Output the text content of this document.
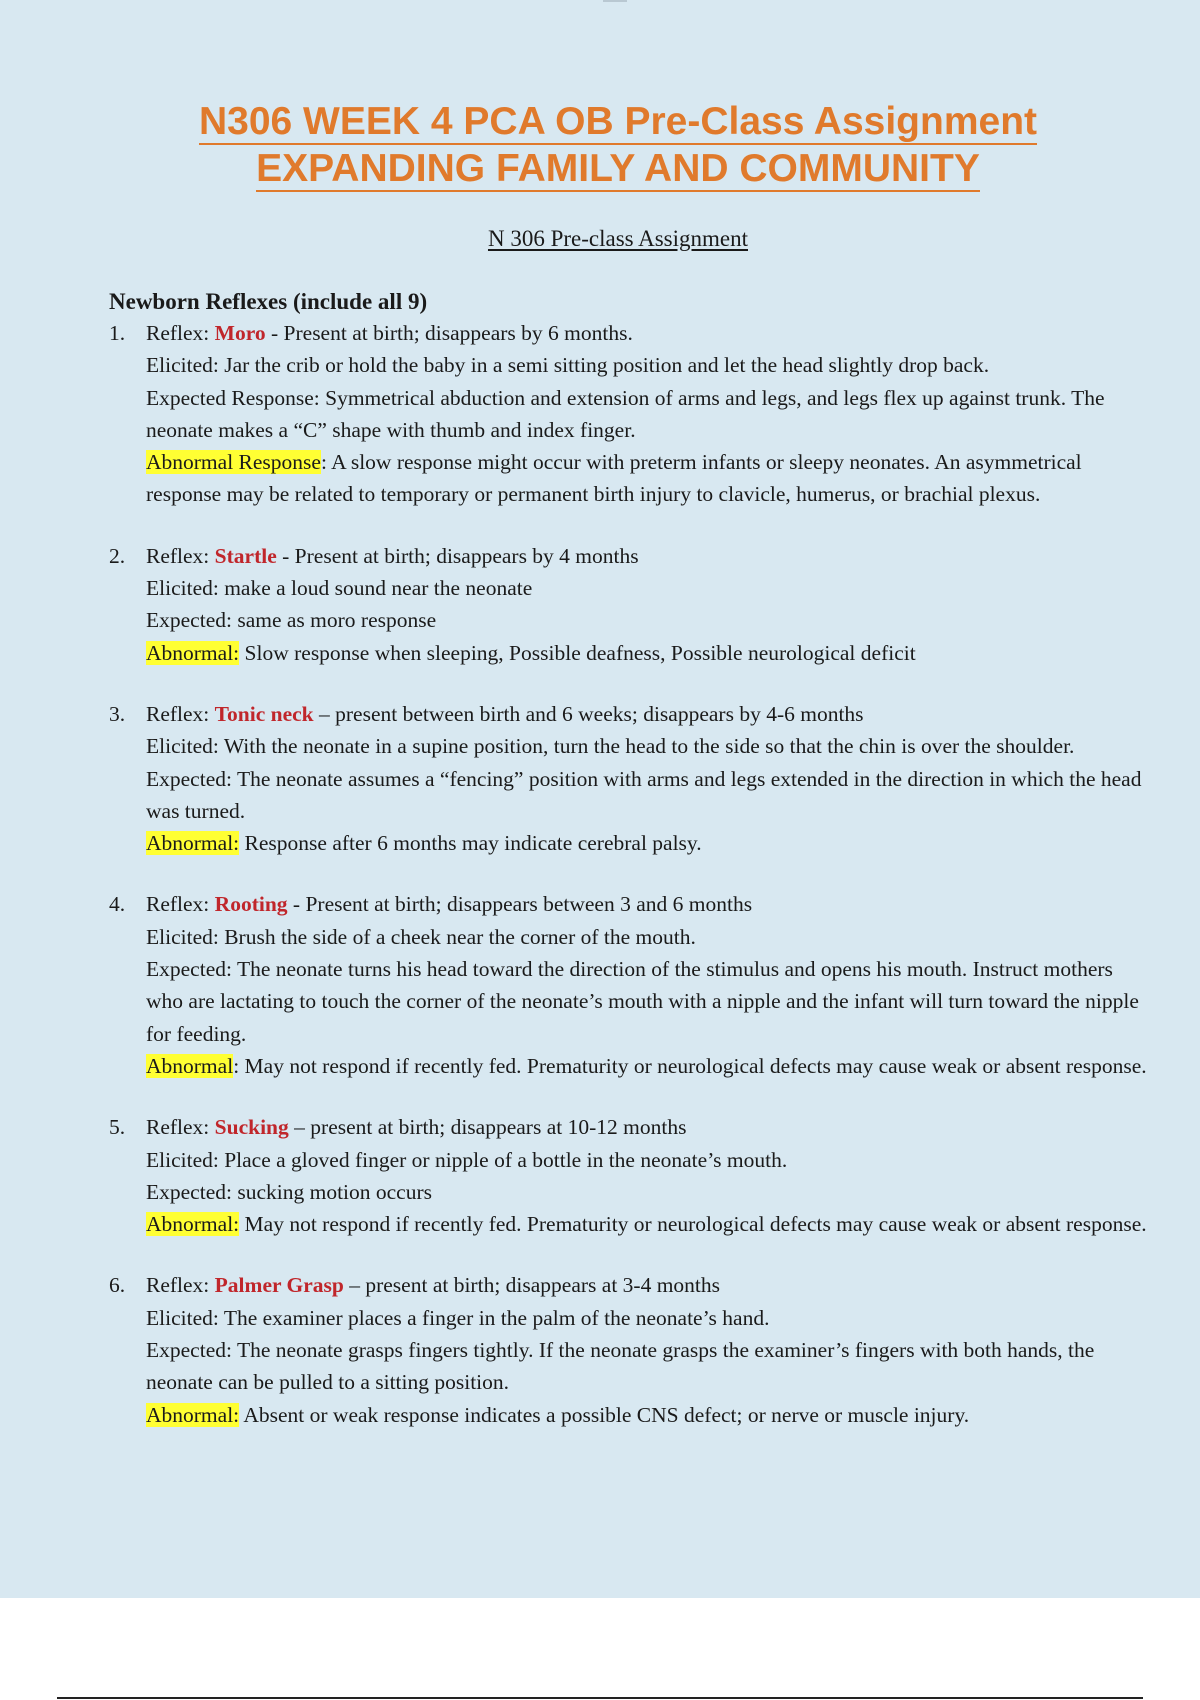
N306 WEEK 4 PCA OB Pre-Class Assignment
EXPANDING FAMILY AND COMMUNITY
N 306 Pre-class Assignment
Newborn Reflexes (include all 9)
1. Reflex: Moro - Present at birth; disappears by 6 months.

Elicited: Jar the crib or hold the baby in a semi sitting position and let the head slightly drop back.

Expected Response: Symmetrical abduction and extension of arms and legs, and legs flex up against trunk. The neonate makes a “C” shape with thumb and index finger.

Abnormal Response: A slow response might occur with preterm infants or sleepy neonates. An asymmetrical response may be related to temporary or permanent birth injury to clavicle, humerus, or brachial plexus.

2. Reflex: Startle - Present at birth; disappears by 4 months

Elicited: make a loud sound near the neonate

Expected: same as moro response

Abnormal: Slow response when sleeping, Possible deafness, Possible neurological deficit

3. Reflex: Tonic neck – present between birth and 6 weeks; disappears by 4-6 months

Elicited: With the neonate in a supine position, turn the head to the side so that the chin is over the shoulder.

Expected: The neonate assumes a “fencing” position with arms and legs extended in the direction in which the head was turned.

Abnormal: Response after 6 months may indicate cerebral palsy.

4. Reflex: Rooting - Present at birth; disappears between 3 and 6 months

Elicited: Brush the side of a cheek near the corner of the mouth.

Expected: The neonate turns his head toward the direction of the stimulus and opens his mouth. Instruct mothers who are lactating to touch the corner of the neonate’s mouth with a nipple and the infant will turn toward the nipple for feeding.

Abnormal: May not respond if recently fed. Prematurity or neurological defects may cause weak or absent response.

5. Reflex: Sucking – present at birth; disappears at 10-12 months

Elicited: Place a gloved finger or nipple of a bottle in the neonate’s mouth.

Expected: sucking motion occurs

Abnormal: May not respond if recently fed. Prematurity or neurological defects may cause weak or absent response.

6. Reflex: Palmer Grasp – present at birth; disappears at 3-4 months

Elicited: The examiner places a finger in the palm of the neonate’s hand.

Expected: The neonate grasps fingers tightly. If the neonate grasps the examiner’s fingers with both hands, the neonate can be pulled to a sitting position.

Abnormal: Absent or weak response indicates a possible CNS defect; or nerve or muscle injury.
